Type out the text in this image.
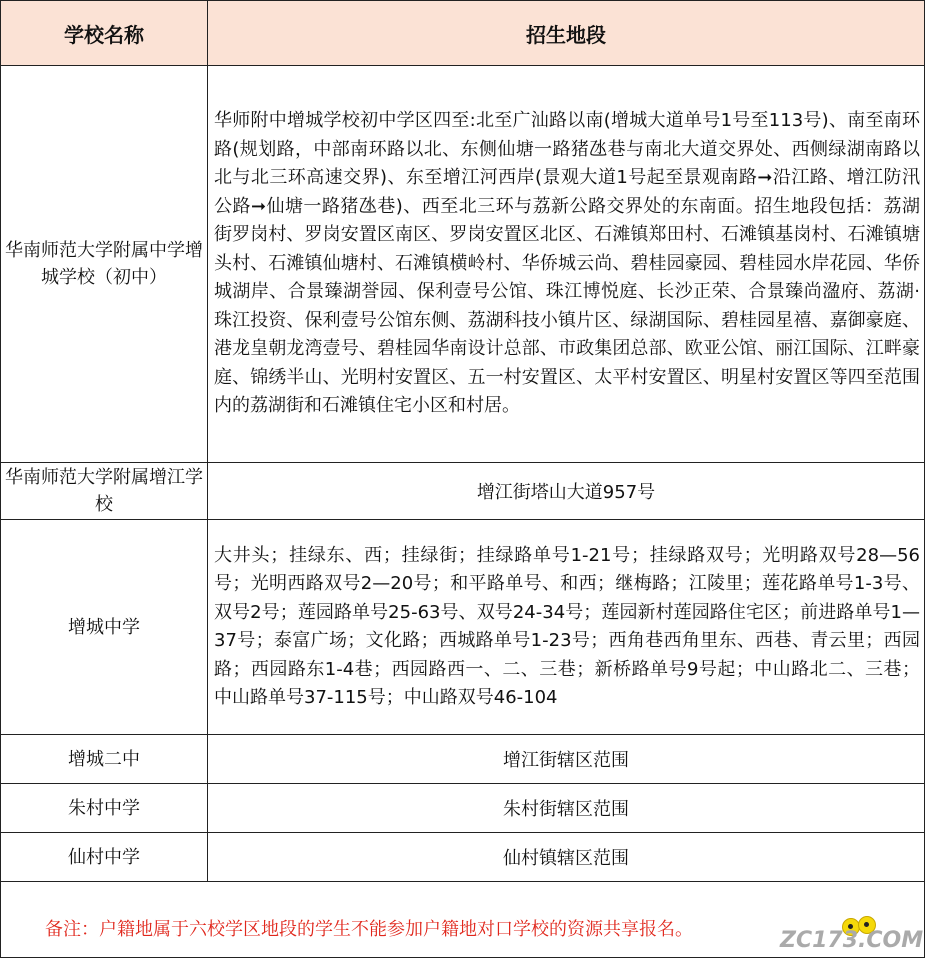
学校名称	招生地段
华南师范大学附属中学增城学校（初中）	华师附中增城学校初中学区四至:北至广汕路以南(增城大道单号1号至113号)、南至南环路(规划路，中部南环路以北、东侧仙塘一路猪氹巷与南北大道交界处、西侧绿湖南路以北与北三环高速交界)、东至增江河西岸(景观大道1号起至景观南路➞沿江路、增江防汛公路➞仙塘一路猪氹巷)、西至北三环与荔新公路交界处的东南面。招生地段包括：荔湖街罗岗村、罗岗安置区南区、罗岗安置区北区、石滩镇郑田村、石滩镇基岗村、石滩镇塘头村、石滩镇仙塘村、石滩镇横岭村、华侨城云尚、碧桂园豪园、碧桂园水岸花园、华侨城湖岸、合景臻湖誉园、保利壹号公馆、珠江博悦庭、长沙正荣、合景臻尚溋府、荔湖·珠江投资、保利壹号公馆东侧、荔湖科技小镇片区、绿湖国际、碧桂园星禧、嘉御豪庭、港龙皇朝龙湾壹号、碧桂园华南设计总部、市政集团总部、欧亚公馆、丽江国际、江畔豪庭、锦绣半山、光明村安置区、五一村安置区、太平村安置区、明星村安置区等四至范围内的荔湖街和石滩镇住宅小区和村居。
华南师范大学附属增江学校	增江街塔山大道957号
增城中学	大井头；挂绿东、西；挂绿街；挂绿路单号1-21号；挂绿路双号；光明路双号28—56号；光明西路双号2—20号；和平路单号、和西；继梅路；江陵里；莲花路单号1-3号、双号2号；莲园路单号25-63号、双号24-34号；莲园新村莲园路住宅区；前进路单号1—37号；泰富广场；文化路；西城路单号1-23号；西角巷西角里东、西巷、青云里；西园路；西园路东1-4巷；西园路西一、二、三巷；新桥路单号9号起；中山路北二、三巷；中山路单号37-115号；中山路双号46-104
增城二中	增江街辖区范围
朱村中学	朱村街辖区范围
仙村中学	仙村镇辖区范围

备注：户籍地属于六校学区地段的学生不能参加户籍地对口学校的资源共享报名。	ZC173.COM
